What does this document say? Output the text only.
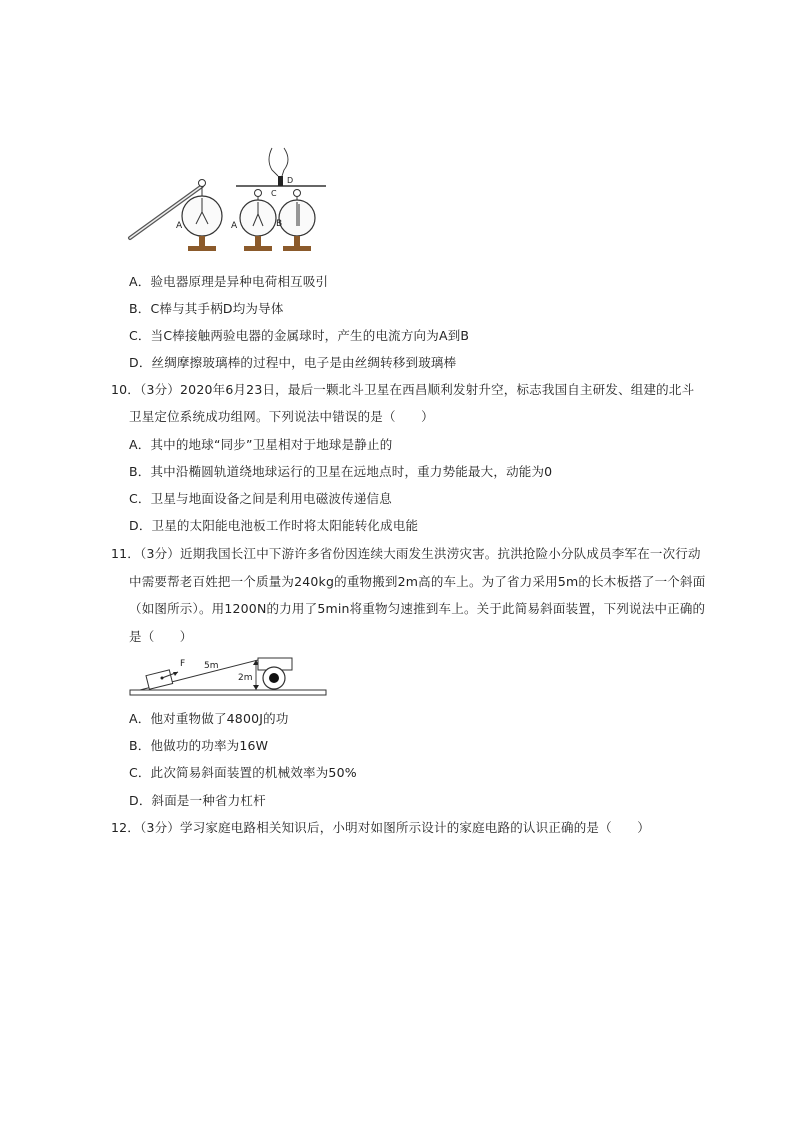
A
D
C
A	B
A．验电器原理是异种电荷相互吸引
B．C棒与其手柄D均为导体
C．当C棒接触两验电器的金属球时，产生的电流方向为A到B
D．丝绸摩擦玻璃棒的过程中，电子是由丝绸转移到玻璃棒
10．（3分）2020年6月23日，最后一颗北斗卫星在西昌顺利发射升空，标志我国自主研发、组建的北斗
卫星定位系统成功组网。下列说法中错误的是（　　）
A．其中的地球“同步”卫星相对于地球是静止的
B．其中沿椭圆轨道绕地球运行的卫星在远地点时，重力势能最大，动能为0
C．卫星与地面设备之间是利用电磁波传递信息
D．卫星的太阳能电池板工作时将太阳能转化成电能
11．（3分）近期我国长江中下游许多省份因连续大雨发生洪涝灾害。抗洪抢险小分队成员李军在一次行动
中需要帮老百姓把一个质量为240kg的重物搬到2m高的车上。为了省力采用5m的长木板搭了一个斜面
（如图所示）。用1200N的力用了5min将重物匀速推到车上。关于此简易斜面装置，下列说法中正确的
是（　　）
F 5m
2m
A．他对重物做了4800J的功
B．他做功的功率为16W
C．此次简易斜面装置的机械效率为50%
D．斜面是一种省力杠杆
12．（3分）学习家庭电路相关知识后，小明对如图所示设计的家庭电路的认识正确的是（　　）
